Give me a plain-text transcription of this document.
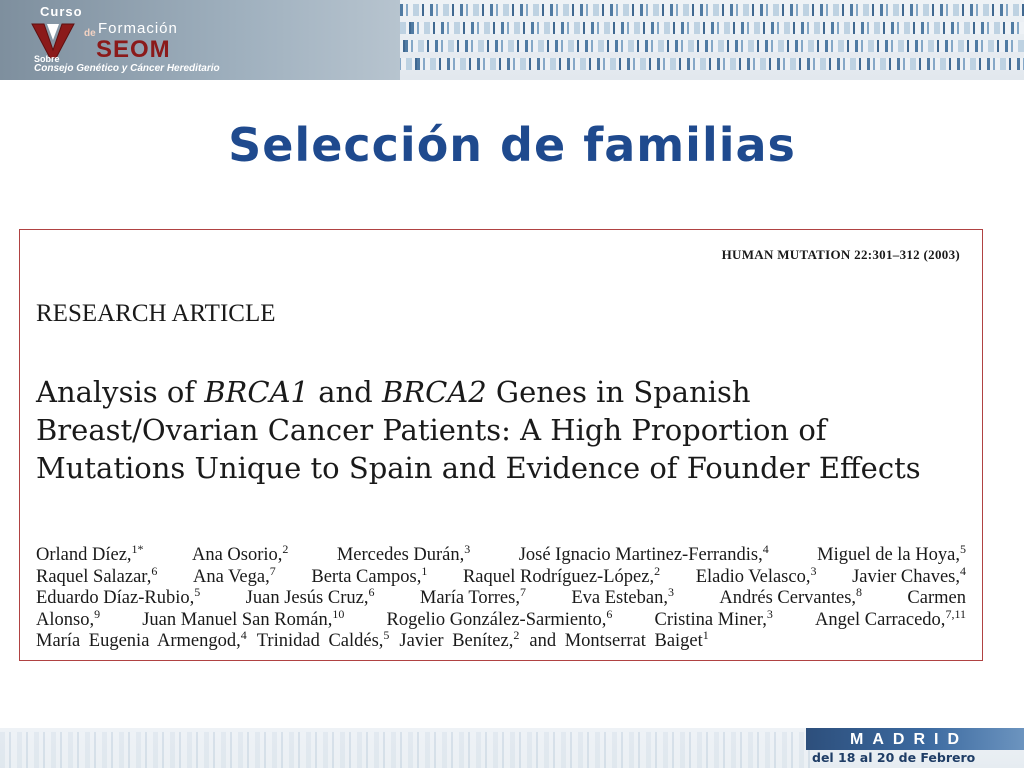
Curso
de Formación
SEOM
Sobre
Consejo Genético y Cáncer Hereditario
Selección de familias
HUMAN MUTATION 22:301–312 (2003)
RESEARCH ARTICLE
Analysis of BRCA1 and BRCA2 Genes in Spanish Breast/Ovarian Cancer Patients: A High Proportion of Mutations Unique to Spain and Evidence of Founder Effects
Orland Díez,$^{1*}$	Ana Osorio,$^2$	Mercedes Durán,$^3$	José Ignacio Martinez-Ferrandis,$^4$	Miguel de la Hoya,$^5$
Raquel Salazar,$^6$ Ana Vega,$^7$ Berta Campos,$^1$ Raquel Rodríguez-López,$^2$ Eladio Velasco,$^3$ Javier Chaves,$^4$
Eduardo Díaz-Rubio,$^5$ Juan Jesús Cruz,$^6$ María Torres,$^7$ Eva Esteban,$^3$ Andrés Cervantes,$^8$ Carmen
Alonso,$^9$ Juan Manuel San Román,$^{10}$ Rogelio González-Sarmiento,$^6$ Cristina Miner,$^3$ Angel Carracedo,$^{7,11}$
María Eugenia Armengod,$^4$ Trinidad Caldés,$^5$ Javier Benítez,$^2$ and Montserrat Baiget$^1$
MADRID
del 18 al 20 de Febrero
